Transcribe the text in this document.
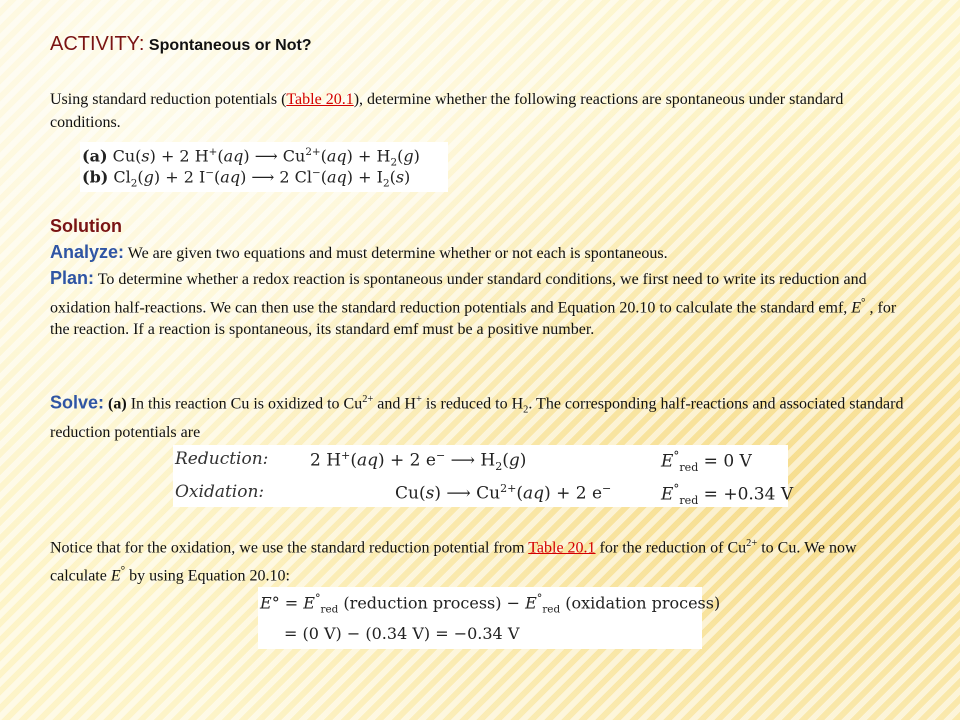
ACTIVITY: Spontaneous or Not?
Using standard reduction potentials (Table 20.1), determine whether the following reactions are spontaneous under standard conditions.
(a) Cu(s) + 2 H+(aq) ⟶ $Cu^{2+}(aq) + H_2(g)$
(b) $Cl_2(g) + 2$ I−(aq) ⟶ 2 $Cl^-(aq) + I_2(s)$
Solution
Analyze: We are given two equations and must determine whether or not each is spontaneous.
Plan: To determine whether a redox reaction is spontaneous under standard conditions, we first need to write its reduction and oxidation half-reactions. We can then use the standard reduction potentials and Equation 20.10 to calculate the standard emf, E° , for the reaction. If a reaction is spontaneous, its standard emf must be a positive number.
Solve: (a) In this reaction Cu is oxidized to $Cu^{2+}$ and H+ is reduced to $H_2$. The corresponding half-reactions and associated standard reduction potentials are
Reduction: 2 H+(aq) + 2 e− ⟶ $H_2(g)$	$E^\circ_{red} = 0$ V
Oxidation:	Cu(s) ⟶ $Cu^{2+}(aq) + 2$ e−	$E^\circ_{red} = +0.34$ V
Notice that for the oxidation, we use the standard reduction potential from Table 20.1 for the reduction of $Cu^{2+}$ to Cu. We now calculate E° by using Equation 20.10:
$E^\circ = E^\circ_{red}$ (reduction process) − $E^\circ_{red}$ (oxidation process)
= (0 V) − (0.34 V) = −0.34 V
